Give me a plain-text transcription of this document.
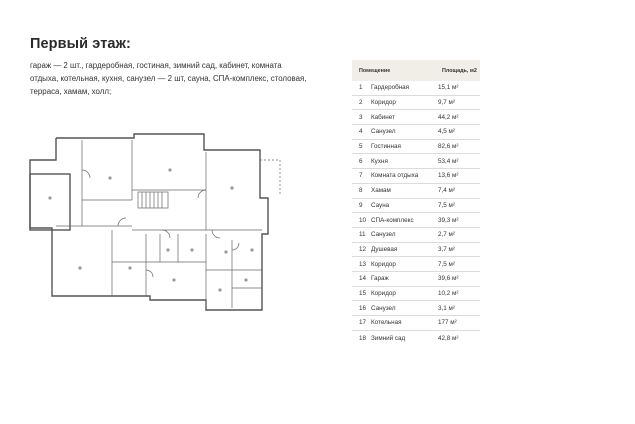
Первый этаж:
гараж — 2 шт., гардеробная, гостиная, зимний сад, кабинет, комната отдыха, котельная, кухня, санузел — 2 шт, сауна, СПА-комплекс, столовая, терраса, хамам, холл;
Помещение	Площадь, м2
1	Гардеробная	15,1 м²
2	Коридор	9,7 м²
3	Кабинет	44,2 м²
4	Санузел	4,5 м²
5	Гостинная	82,6 м²
6	Кухня	53,4 м²
7	Комната отдыха	13,6 м²
8	Хамам	7,4 м²
9	Сауна	7,5 м²
10 СПА-комплекс	39,3 м²
11 Санузел	2,7 м²
12 Душевая	3,7 м²
13 Коридор	7,5 м²
14 Гараж	39,6 м²
15 Коридор	10,2 м²
16 Санузел	3,1 м²
17 Котельная	177 м²
18 Зимний сад	42,8 м²
